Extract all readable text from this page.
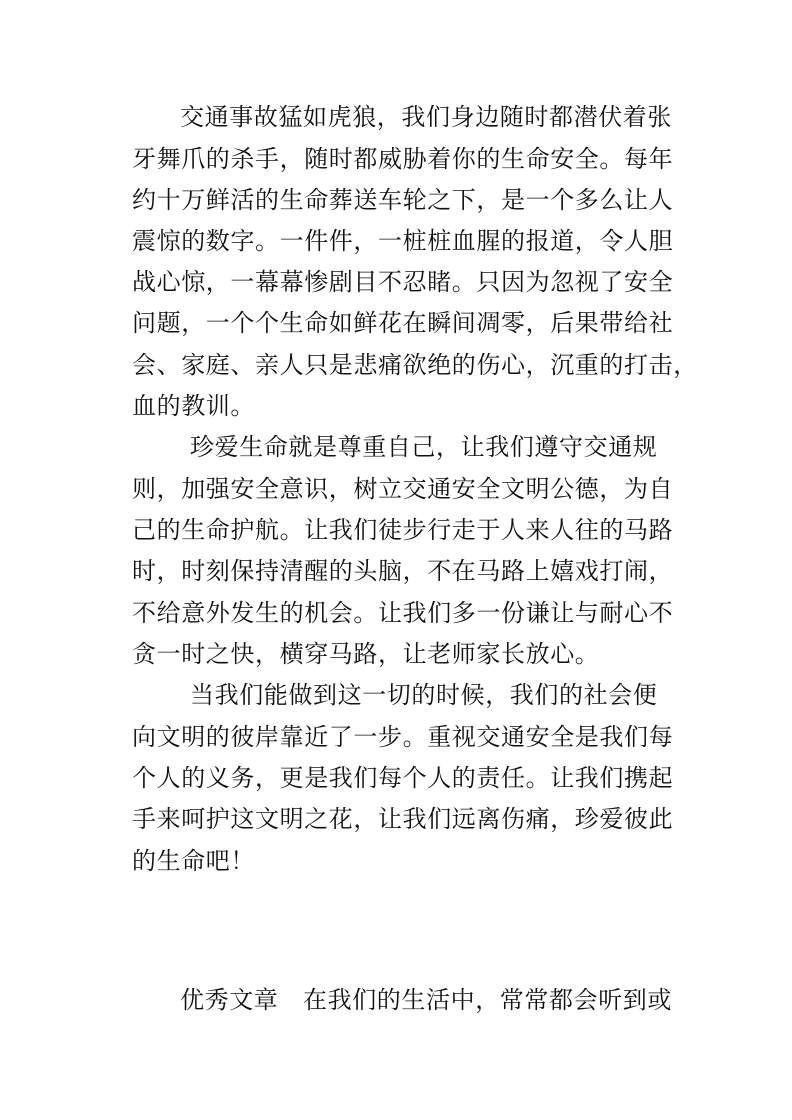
交通事故猛如虎狼，我们身边随时都潜伏着张
牙舞爪的杀手，随时都威胁着你的生命安全。每年
约十万鲜活的生命葬送车轮之下，是一个多么让人
震惊的数字。一件件，一桩桩血腥的报道，令人胆
战心惊，一幕幕惨剧目不忍睹。只因为忽视了安全
问题，一个个生命如鲜花在瞬间凋零，后果带给社
会、家庭、亲人只是悲痛欲绝的伤心，沉重的打击，
血的教训。
珍爱生命就是尊重自己，让我们遵守交通规
则，加强安全意识，树立交通安全文明公德，为自
己的生命护航。让我们徒步行走于人来人往的马路
时，时刻保持清醒的头脑，不在马路上嬉戏打闹，
不给意外发生的机会。让我们多一份谦让与耐心不
贪一时之快，横穿马路，让老师家长放心。
当我们能做到这一切的时候，我们的社会便
向文明的彼岸靠近了一步。重视交通安全是我们每
个人的义务，更是我们每个人的责任。让我们携起
手来呵护这文明之花，让我们远离伤痛，珍爱彼此
的生命吧！
优秀文章　在我们的生活中，常常都会听到或
